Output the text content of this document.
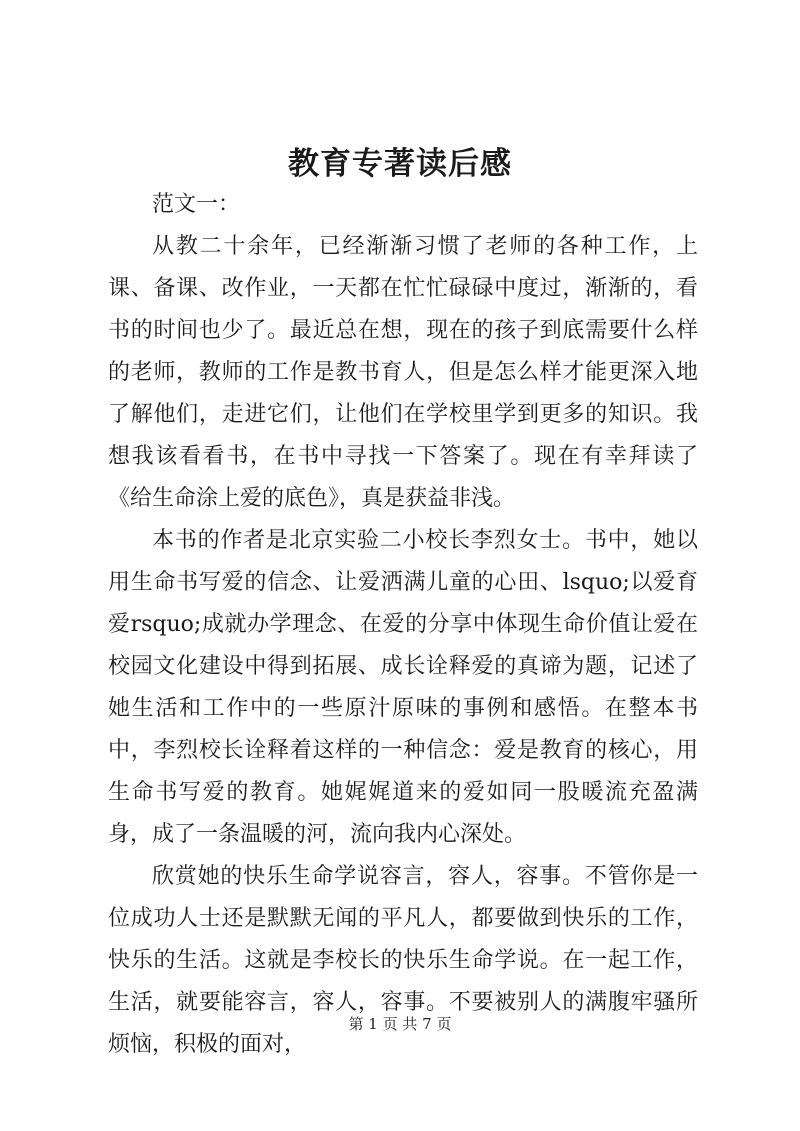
教育专著读后感

范文一：

从教二十余年，已经渐渐习惯了老师的各种工作，上课、备课、改作业，一天都在忙忙碌碌中度过，渐渐的，看书的时间也少了。最近总在想，现在的孩子到底需要什么样的老师，教师的工作是教书育人，但是怎么样才能更深入地了解他们，走进它们，让他们在学校里学到更多的知识。我想我该看看书，在书中寻找一下答案了。现在有幸拜读了《给生命涂上爱的底色》，真是获益非浅。

本书的作者是北京实验二小校长李烈女士。书中，她以用生命书写爱的信念、让爱洒满儿童的心田、lsquo;以爱育爱rsquo;成就办学理念、在爱的分享中体现生命价值让爱在校园文化建设中得到拓展、成长诠释爱的真谛为题，记述了她生活和工作中的一些原汁原味的事例和感悟。在整本书中，李烈校长诠释着这样的一种信念：爱是教育的核心，用生命书写爱的教育。她娓娓道来的爱如同一股暖流充盈满身，成了一条温暖的河，流向我内心深处。

欣赏她的快乐生命学说容言，容人，容事。不管你是一位成功人士还是默默无闻的平凡人，都要做到快乐的工作，快乐的生活。这就是李校长的快乐生命学说。在一起工作，生活，就要能容言，容人，容事。不要被别人的满腹牢骚所烦恼，积极的面对，

第 1 页 共 7 页
